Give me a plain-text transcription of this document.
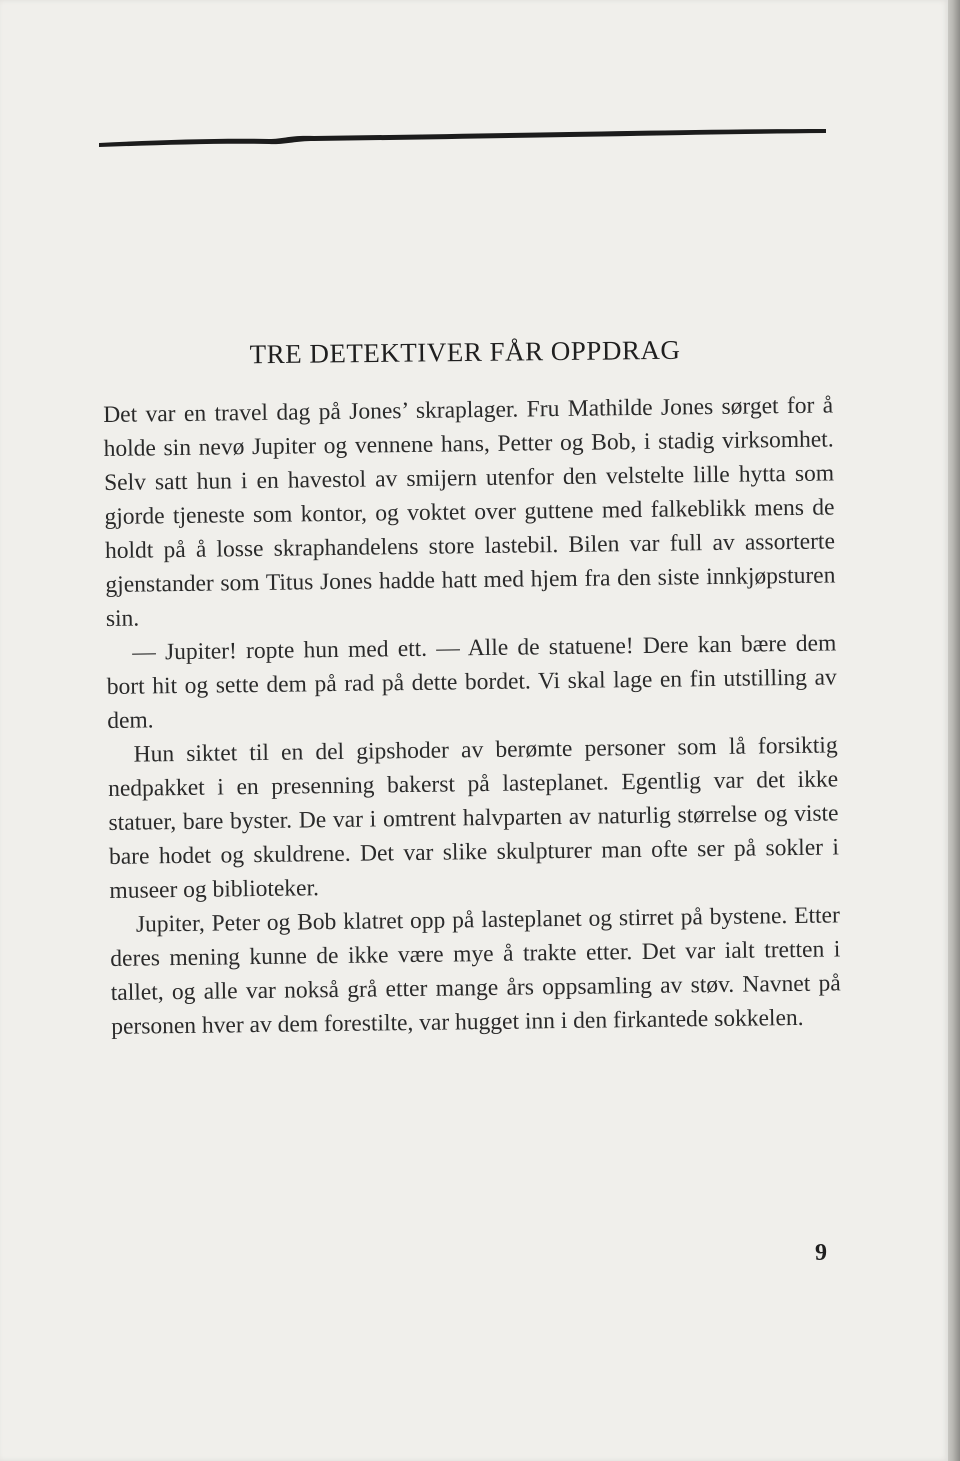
TRE DETEKTIVER FÅR OPPDRAG

Det var en travel dag på Jones’ skraplager. Fru Mathilde Jones sørget for å holde sin nevø Jupiter og vennene hans, Petter og Bob, i stadig virksomhet. Selv satt hun i en havestol av smijern utenfor den velstelte lille hytta som gjorde tjeneste som kontor, og voktet over guttene med falkeblikk mens de holdt på å losse skraphandelens store lastebil. Bilen var full av assorterte gjenstander som Titus Jones hadde hatt med hjem fra den siste innkjøpsturen sin.

— Jupiter! ropte hun med ett. — Alle de statuene! Dere kan bære dem bort hit og sette dem på rad på dette bordet. Vi skal lage en fin utstilling av dem.

Hun siktet til en del gipshoder av berømte personer som lå forsiktig nedpakket i en presenning bakerst på lasteplanet. Egentlig var det ikke statuer, bare byster. De var i omtrent halvparten av naturlig størrelse og viste bare hodet og skuldrene. Det var slike skulpturer man ofte ser på sokler i museer og biblioteker.

Jupiter, Peter og Bob klatret opp på lasteplanet og stirret på bystene. Etter deres mening kunne de ikke være mye å trakte etter. Det var ialt tretten i tallet, og alle var nokså grå etter mange års oppsamling av støv. Navnet på personen hver av dem forestilte, var hugget inn i den firkantede sokkelen.

9
